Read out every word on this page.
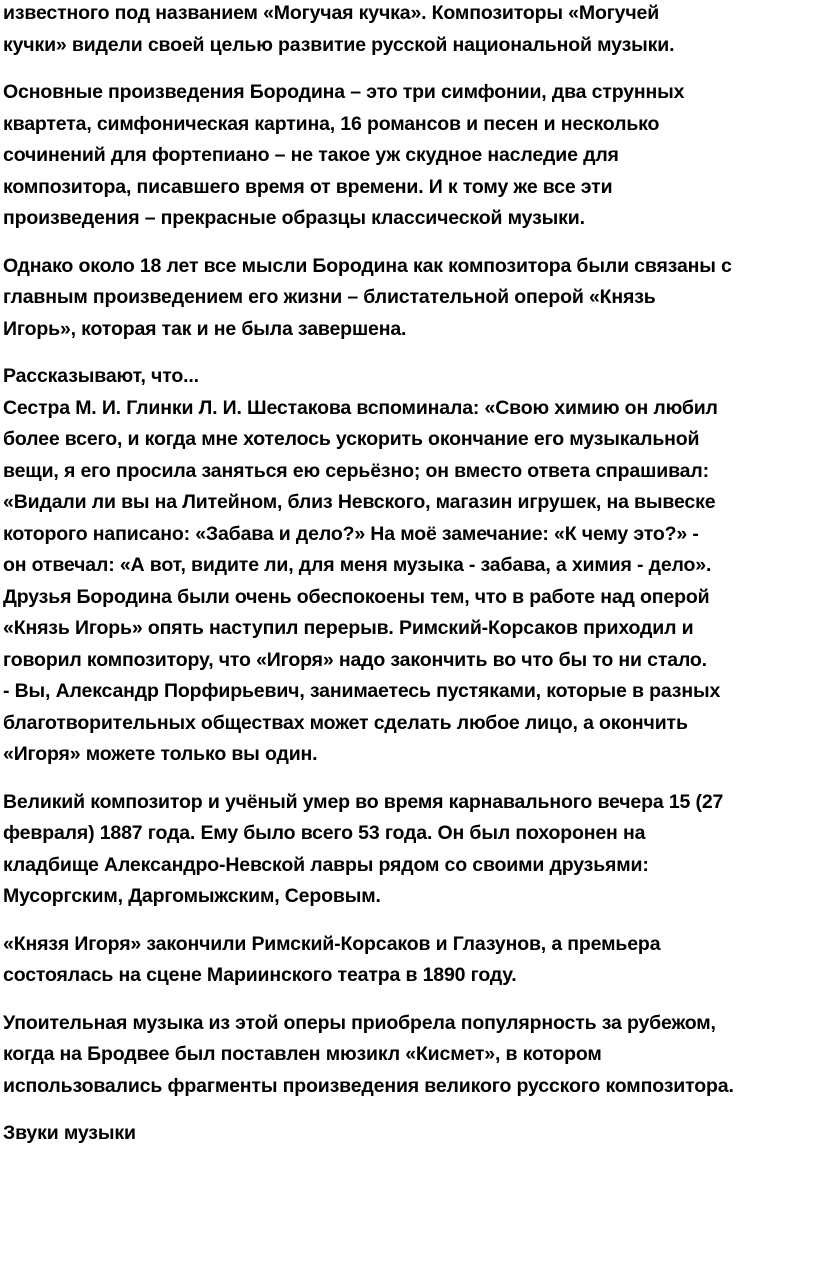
известного под названием «Могучая кучка». Композиторы «Могучей
кучки» видели своей целью развитие русской национальной музыки.
Основные произведения Бородина – это три симфонии, два струнных
квартета, симфоническая картина, 16 романсов и песен и несколько
сочинений для фортепиано – не такое уж скудное наследие для
композитора, писавшего время от времени. И к тому же все эти
произведения – прекрасные образцы классической музыки.
Однако около 18 лет все мысли Бородина как композитора были связаны с
главным произведением его жизни – блистательной оперой «Князь
Игорь», которая так и не была завершена.
Рассказывают, что...
Сестра М. И. Глинки Л. И. Шестакова вспоминала: «Свою химию он любил
более всего, и когда мне хотелось ускорить окончание его музыкальной
вещи, я его просила заняться ею серьёзно; он вместо ответа спрашивал:
«Видали ли вы на Литейном, близ Невского, магазин игрушек, на вывеске
которого написано: «Забава и дело?» На моё замечание: «К чему это?» -
он отвечал: «А вот, видите ли, для меня музыка - забава, а химия - дело».
Друзья Бородина были очень обеспокоены тем, что в работе над оперой
«Князь Игорь» опять наступил перерыв. Римский-Корсаков приходил и
говорил композитору, что «Игоря» надо закончить во что бы то ни стало.
- Вы, Александр Порфирьевич, занимаетесь пустяками, которые в разных
благотворительных обществах может сделать любое лицо, а окончить
«Игоря» можете только вы один.
Великий композитор и учёный умер во время карнавального вечера 15 (27
февраля) 1887 года. Ему было всего 53 года. Он был похоронен на
кладбище Александро-Невской лавры рядом со своими друзьями:
Мусоргским, Даргомыжским, Серовым.
«Князя Игоря» закончили Римский-Корсаков и Глазунов, а премьера
состоялась на сцене Мариинского театра в 1890 году.
Упоительная музыка из этой оперы приобрела популярность за рубежом,
когда на Бродвее был поставлен мюзикл «Кисмет», в котором
использовались фрагменты произведения великого русского композитора.
Звуки музыки
